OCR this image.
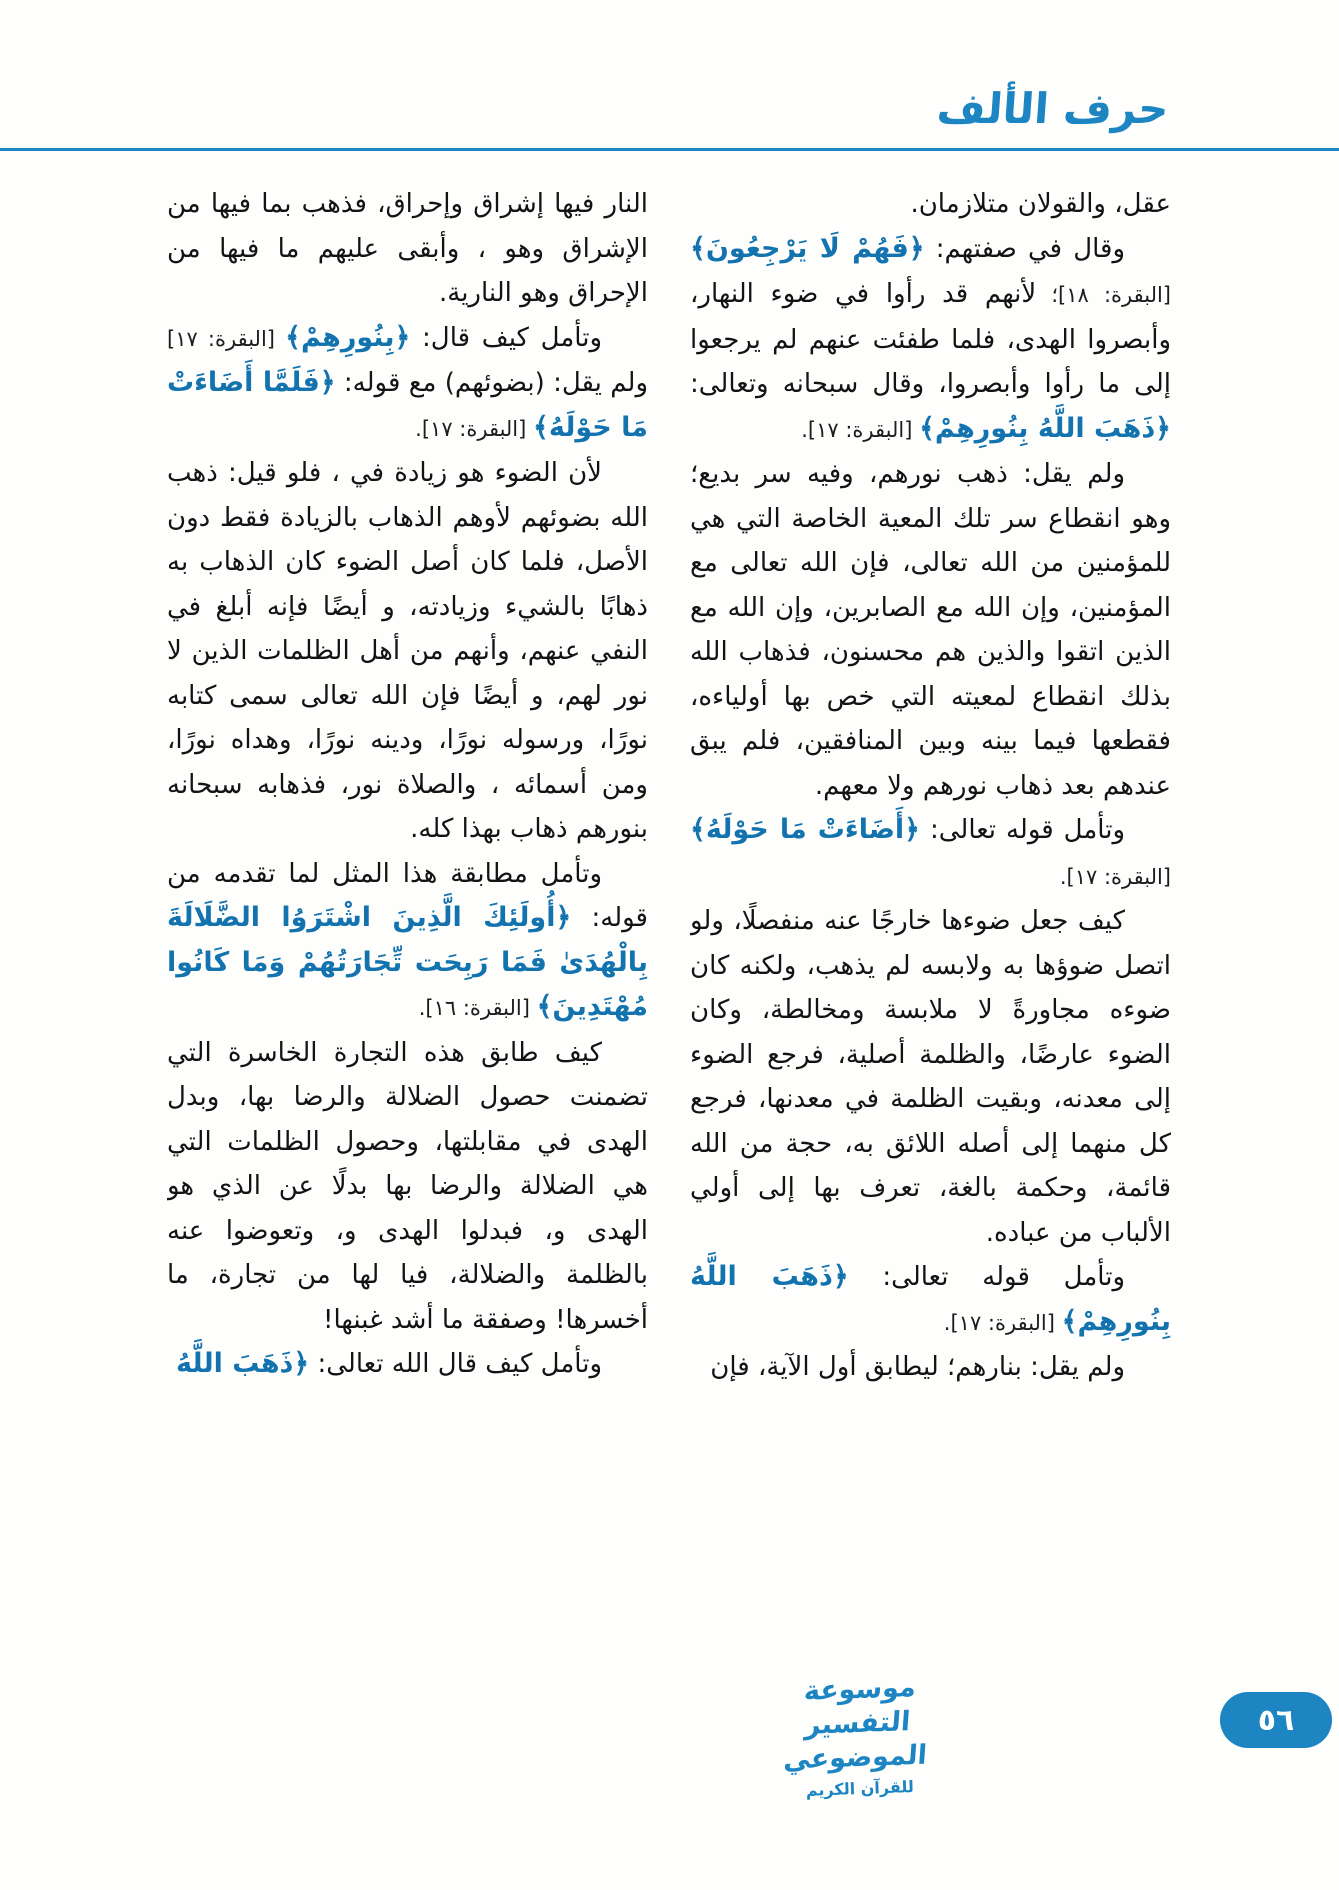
حرف الألف

عقل، والقولان متلازمان.

وقال في صفتهم: ﴿فَهُمْ لَا يَرْجِعُونَ﴾ [البقرة: ١٨]؛ لأنهم قد رأوا في ضوء النهار، وأبصروا الهدى، فلما طفئت عنهم لم يرجعوا إلى ما رأوا وأبصروا، وقال سبحانه وتعالى: ﴿ذَهَبَ اللَّهُ بِنُورِهِمْ﴾ [البقرة: ١٧].

ولم يقل: ذهب نورهم، وفيه سر بديع؛ وهو انقطاع سر تلك المعية الخاصة التي هي للمؤمنين من الله تعالى، فإن الله تعالى مع المؤمنين، وإن الله مع الصابرين، وإن الله مع الذين اتقوا والذين هم محسنون، فذهاب الله بذلك انقطاع لمعيته التي خص بها أولياءه، فقطعها فيما بينه وبين المنافقين، فلم يبق عندهم بعد ذهاب نورهم ولا معهم.

وتأمل قوله تعالى: ﴿أَضَاءَتْ مَا حَوْلَهُ﴾ [البقرة: ١٧].

كيف جعل ضوءها خارجًا عنه منفصلًا، ولو اتصل ضوؤها به ولابسه لم يذهب، ولكنه كان ضوءه مجاورةً لا ملابسة ومخالطة، وكان الضوء عارضًا، والظلمة أصلية، فرجع الضوء إلى معدنه، وبقيت الظلمة في معدنها، فرجع كل منهما إلى أصله اللائق به، حجة من الله قائمة، وحكمة بالغة، تعرف بها إلى أولي الألباب من عباده.

وتأمل قوله تعالى: ﴿ذَهَبَ اللَّهُ بِنُورِهِمْ﴾ [البقرة: ١٧].

ولم يقل: بنارهم؛ ليطابق أول الآية، فإن

النار فيها إشراق وإحراق، فذهب بما فيها من الإشراق وهو ، وأبقى عليهم ما فيها من الإحراق وهو النارية.

وتأمل كيف قال: ﴿بِنُورِهِمْ﴾ [البقرة: ١٧] ولم يقل: (بضوئهم) مع قوله: ﴿فَلَمَّا أَضَاءَتْ مَا حَوْلَهُ﴾ [البقرة: ١٧].

لأن الضوء هو زيادة في ، فلو قيل: ذهب الله بضوئهم لأوهم الذهاب بالزيادة فقط دون الأصل، فلما كان أصل الضوء كان الذهاب به ذهابًا بالشيء وزيادته، و أيضًا فإنه أبلغ في النفي عنهم، وأنهم من أهل الظلمات الذين لا نور لهم، و أيضًا فإن الله تعالى سمى كتابه نورًا، ورسوله نورًا، ودينه نورًا، وهداه نورًا، ومن أسمائه ، والصلاة نور، فذهابه سبحانه بنورهم ذهاب بهذا كله.

وتأمل مطابقة هذا المثل لما تقدمه من قوله: ﴿أُولَئِكَ الَّذِينَ اشْتَرَوُا الضَّلَالَةَ بِالْهُدَىٰ فَمَا رَبِحَت تِّجَارَتُهُمْ وَمَا كَانُوا مُهْتَدِينَ﴾ [البقرة: ١٦].

كيف طابق هذه التجارة الخاسرة التي تضمنت حصول الضلالة والرضا بها، وبدل الهدى في مقابلتها، وحصول الظلمات التي هي الضلالة والرضا بها بدلًا عن الذي هو الهدى و، فبدلوا الهدى و، وتعوضوا عنه بالظلمة والضلالة، فيا لها من تجارة، ما أخسرها! وصفقة ما أشد غبنها!

وتأمل كيف قال الله تعالى: ﴿ذَهَبَ اللَّهُ

موسوعة التفسير الموضوعي
للقرآن الكريم
٥٦
